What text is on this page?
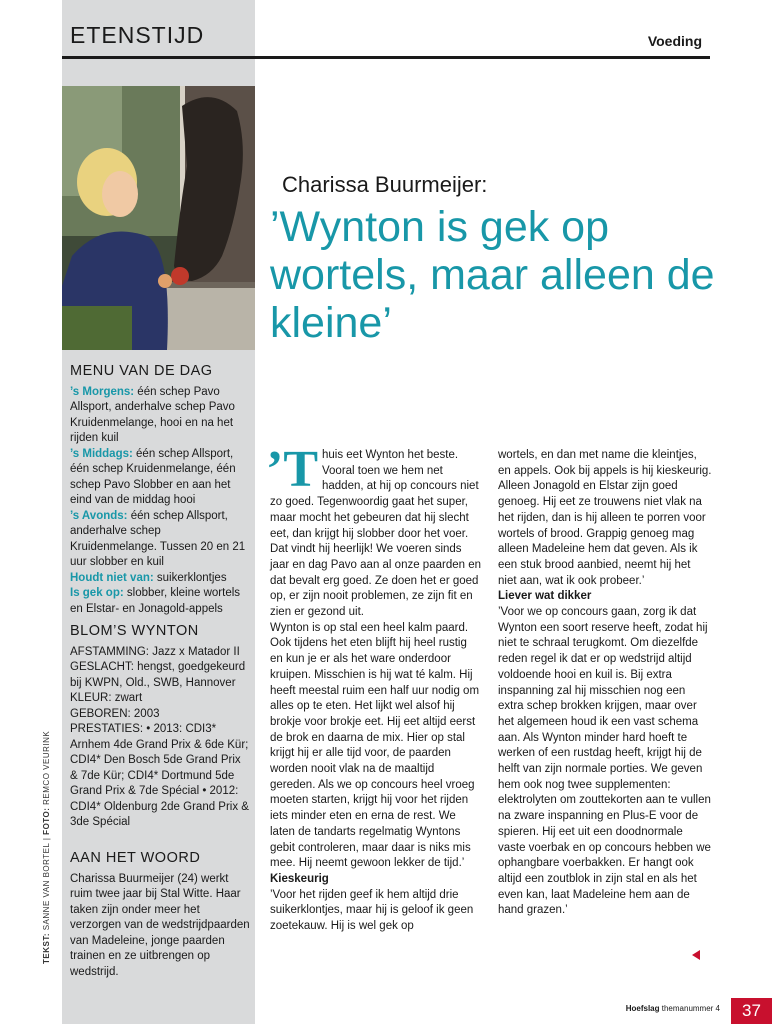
ETENSTIJD	Voeding
Charissa Buurmeijer:
’Wynton is gek op wortels, maar alleen de kleine’
MENU VAN DE DAG
’s Morgens: één schep Pavo Allsport, anderhalve schep Pavo Kruidenmelange, hooi en na het rijden kuil
’s Middags: één schep Allsport, één schep Kruidenmelange, één schep Pavo Slobber en aan het eind van de middag hooi
’s Avonds: één schep Allsport, anderhalve schep Kruidenmelange. Tussen 20 en 21 uur slobber en kuil
Houdt niet van: suikerklontjes
Is gek op: slobber, kleine wortels en Elstar- en Jonagold-appels
BLOM’S WYNTON
AFSTAMMING: Jazz x Matador II
GESLACHT: hengst, goedgekeurd bij KWPN, Old., SWB, Hannover
KLEUR: zwart
GEBOREN: 2003
PRESTATIES: • 2013: CDI3* Arnhem 4de Grand Prix & 6de Kür; CDI4* Den Bosch 5de Grand Prix & 7de Kür; CDI4* Dortmund 5de Grand Prix & 7de Spécial • 2012: CDI4* Oldenburg 2de Grand Prix & 3de Spécial
AAN HET WOORD
Charissa Buurmeijer (24) werkt ruim twee jaar bij Stal Witte. Haar taken zijn onder meer het verzorgen van de wedstrijdpaarden van Madeleine, jonge paarden trainen en ze uitbrengen op wedstrijd.
TEKST: SANNE VAN BORTEL | FOTO: REMCO VEURINK

’T huis eet Wynton het beste. Vooral toen we hem net hadden, at hij op concours niet zo goed. Tegenwoordig gaat het super, maar mocht het gebeuren dat hij slecht eet, dan krijgt hij slobber door het voer. Dat vindt hij heerlijk! We voeren sinds jaar en dag Pavo aan al onze paarden en dat bevalt erg goed. Ze doen het er goed op, er zijn nooit problemen, ze zijn fit en zien er gezond uit.

Wynton is op stal een heel kalm paard. Ook tijdens het eten blijft hij heel rustig en kun je er als het ware onderdoor kruipen. Misschien is hij wat té kalm. Hij heeft meestal ruim een half uur nodig om alles op te eten. Het lijkt wel alsof hij brokje voor brokje eet. Hij eet altijd eerst de brok en daarna de mix. Hier op stal krijgt hij er alle tijd voor, de paarden worden nooit vlak na de maaltijd gereden. Als we op concours heel vroeg moeten starten, krijgt hij voor het rijden iets minder eten en erna de rest. We laten de tandarts regelmatig Wyntons gebit controleren, maar daar is niks mis mee. Hij neemt gewoon lekker de tijd.’

Kieskeurig

’Voor het rijden geef ik hem altijd drie suikerklontjes, maar hij is geloof ik geen zoetekauw. Hij is wel gek op

wortels, en dan met name die kleintjes, en appels. Ook bij appels is hij kieskeurig. Alleen Jonagold en Elstar zijn goed genoeg. Hij eet ze trouwens niet vlak na het rijden, dan is hij alleen te porren voor wortels of brood. Grappig genoeg mag alleen Madeleine hem dat geven. Als ik een stuk brood aanbied, neemt hij het niet aan, wat ik ook probeer.’

Liever wat dikker

’Voor we op concours gaan, zorg ik dat Wynton een soort reserve heeft, zodat hij niet te schraal terugkomt. Om diezelfde reden regel ik dat er op wedstrijd altijd voldoende hooi en kuil is. Bij extra inspanning zal hij misschien nog een extra schep brokken krijgen, maar over het algemeen houd ik een vast schema aan. Als Wynton minder hard hoeft te werken of een rustdag heeft, krijgt hij de helft van zijn normale porties. We geven hem ook nog twee supplementen: elektrolyten om zouttekorten aan te vullen na zware inspanning en Plus-E voor de spieren. Hij eet uit een doodnormale vaste voerbak en op concours hebben we ophangbare voerbakken. Er hangt ook altijd een zoutblok in zijn stal en als het even kan, laat Madeleine hem aan de hand grazen.’

Hoefslag themanummer 4	37
